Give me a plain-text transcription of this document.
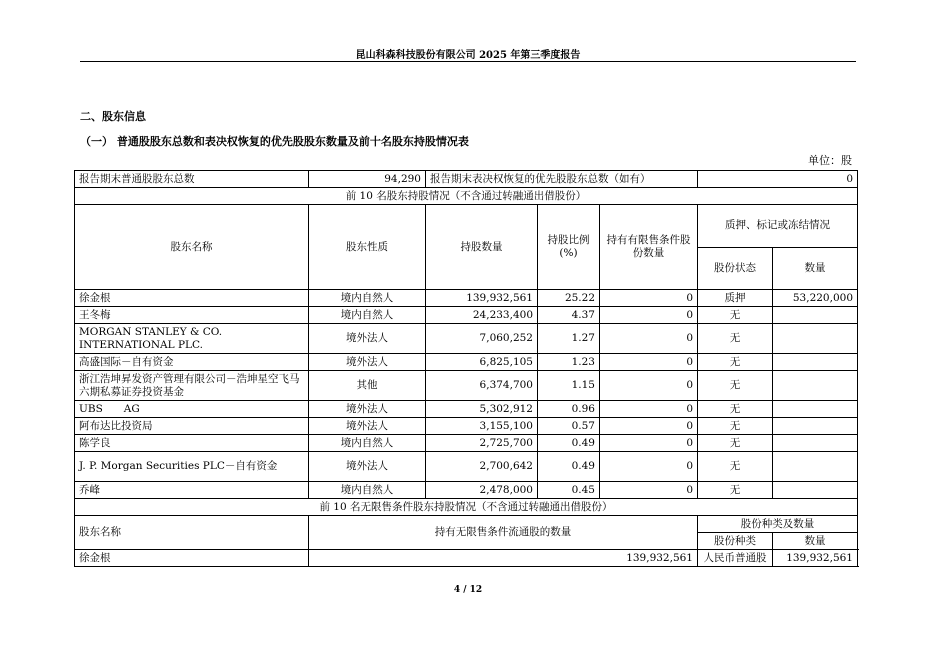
昆山科森科技股份有限公司 2025 年第三季度报告
二、股东信息
（一） 普通股股东总数和表决权恢复的优先股股东数量及前十名股东持股情况表
单位：股
报告期末普通股股东总数	94,290	报告期末表决权恢复的优先股股东总数（如有）			0	
前 10 名股东持股情况（不含通过转融通出借股份）						
股东名称	股东性质	持股数量	持股比例(%)	持有有限售条件股份数量	质押、标记或冻结情况	
					股份状态	数量
徐金根	境内自然人	139,932,561	25.22	0	质押	53,220,000
王冬梅	境内自然人	24,233,400	4.37	0	无	
MORGAN STANLEY & CO. INTERNATIONAL PLC.	境外法人	7,060,252	1.27	0	无	
高盛国际－自有资金	境外法人	6,825,105	1.23	0	无	
浙江浩坤昇发资产管理有限公司－浩坤星空飞马六期私募证券投资基金	其他	6,374,700	1.15	0	无	
UBS　　AG	境外法人	5,302,912	0.96	0	无	
阿布达比投资局	境外法人	3,155,100	0.57	0	无	
陈学良	境内自然人	2,725,700	0.49	0	无	
J. P. Morgan Securities PLC－自有资金	境外法人	2,700,642	0.49	0	无	
乔峰	境内自然人	2,478,000	0.45	0	无	
前 10 名无限售条件股东持股情况（不含通过转融通出借股份）						
股东名称	持有无限售条件流通股的数量				股份种类及数量	
					股份种类	数量
徐金根	139,932,561				人民币普通股	139,932,561
4 / 12
